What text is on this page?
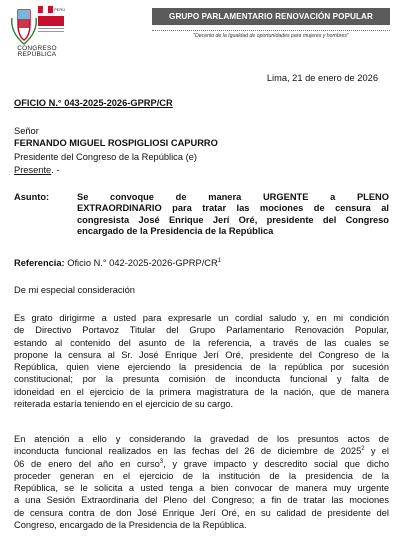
PERÚ
CONGRESO
REPÚBLICA
GRUPO PARLAMENTARIO RENOVACIÓN POPULAR
"Decenio de la Igualdad de oportunidades para mujeres y hombres"
Lima, 21 de enero de 2026
OFICIO N.° 043-2025-2026-GPRP/CR
Señor
FERNANDO MIGUEL ROSPIGLIOSI CAPURRO
Presidente del Congreso de la República (e)
Presente. -
Asunto:	Se convoque de manera URGENTE a PLENO
EXTRAORDINARIO para tratar las mociones de censura al
congresista José Enrique Jerí Oré, presidente del Congreso
encargado de la Presidencia de la República
Referencia: Oficio N.° $042-2025-2026-GPRP/CR^1$
De mi especial consideración
Es grato dirigirme a usted para expresarle un cordial saludo y, en mi condición
de Directivo Portavoz Titular del Grupo Parlamentario Renovación Popular,
estando al contenido del asunto de la referencia, a través de las cuales se
propone la censura al Sr. José Enrique Jerí Oré, presidente del Congreso de la
República, quien viene ejerciendo la presidencia de la república por sucesión
constitucional; por la presunta comisión de inconducta funcional y falta de
idoneidad en el ejercicio de la primera magistratura de la nación, que de manera
reiterada estaría teniendo en el ejercicio de su cargo.
En atención a ello y considerando la gravedad de los presuntos actos de
inconducta funcional realizados en las fechas del 26 de diciembre de 2025$^2$ y el
06 de enero del año en curso$^3$, y grave impacto y descredito social que dicho
proceder generan en el ejercicio de la institución de la presidencia de la
República, se le solicita a usted tenga a bien convocar de manera muy urgente
a una Sesión Extraordinaria del Pleno del Congreso; a fin de tratar las mociones
de censura contra de don José Enrique Jerí Oré, en su calidad de presidente del
Congreso, encargado de la Presidencia de la República.
